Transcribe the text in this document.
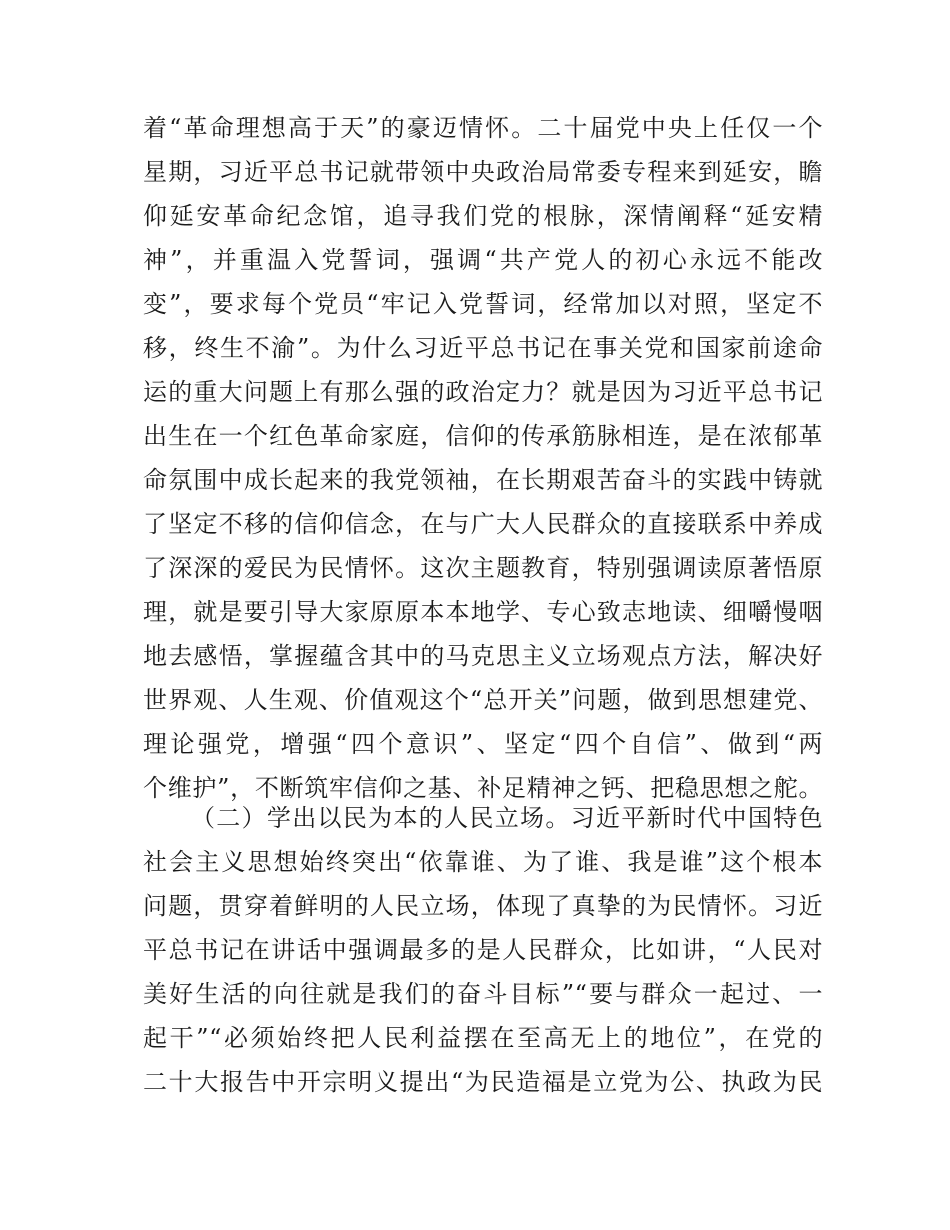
着“革命理想高于天”的豪迈情怀。二十届党中央上任仅一个
星期，习近平总书记就带领中央政治局常委专程来到延安，瞻
仰延安革命纪念馆，追寻我们党的根脉，深情阐释“延安精
神”，并重温入党誓词，强调“共产党人的初心永远不能改
变”，要求每个党员“牢记入党誓词，经常加以对照，坚定不
移，终生不渝”。为什么习近平总书记在事关党和国家前途命
运的重大问题上有那么强的政治定力？就是因为习近平总书记
出生在一个红色革命家庭，信仰的传承筋脉相连，是在浓郁革
命氛围中成长起来的我党领袖，在长期艰苦奋斗的实践中铸就
了坚定不移的信仰信念，在与广大人民群众的直接联系中养成
了深深的爱民为民情怀。这次主题教育，特别强调读原著悟原
理，就是要引导大家原原本本地学、专心致志地读、细嚼慢咽
地去感悟，掌握蕴含其中的马克思主义立场观点方法，解决好
世界观、人生观、价值观这个“总开关”问题，做到思想建党、
理论强党，增强“四个意识”、坚定“四个自信”、做到“两
个维护”，不断筑牢信仰之基、补足精神之钙、把稳思想之舵。
（二）学出以民为本的人民立场。习近平新时代中国特色
社会主义思想始终突出“依靠谁、为了谁、我是谁”这个根本
问题，贯穿着鲜明的人民立场，体现了真挚的为民情怀。习近
平总书记在讲话中强调最多的是人民群众，比如讲，“人民对
美好生活的向往就是我们的奋斗目标”“要与群众一起过、一
起干”“必须始终把人民利益摆在至高无上的地位”，在党的
二十大报告中开宗明义提出“为民造福是立党为公、执政为民
